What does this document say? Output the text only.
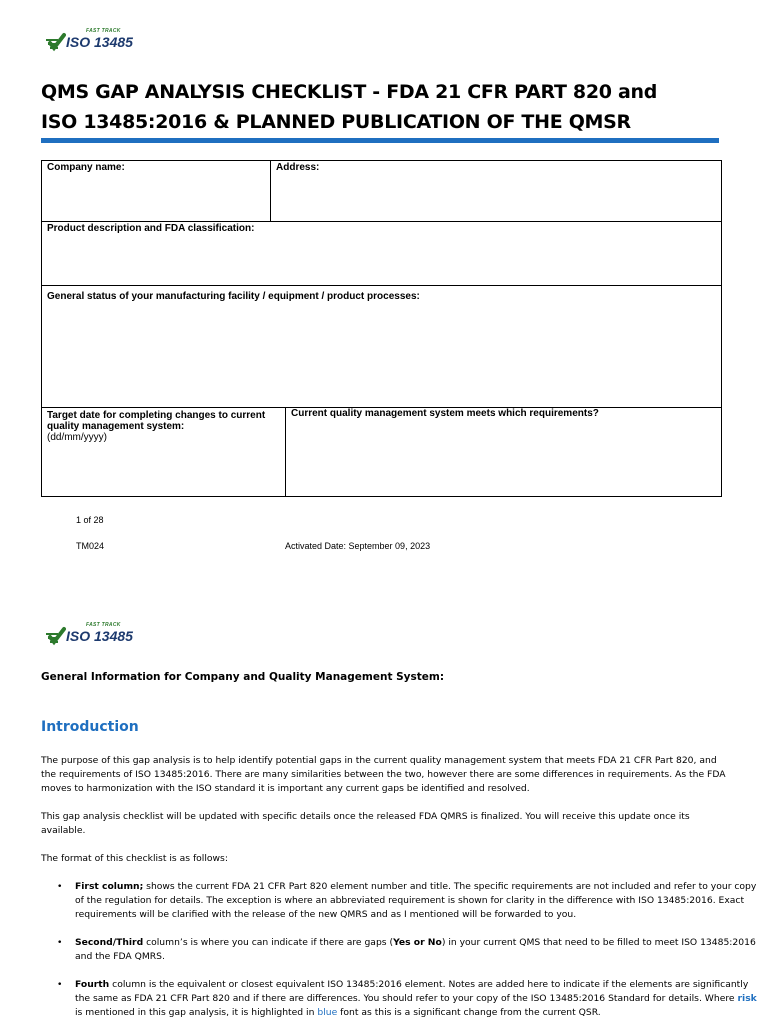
FAST TRACK
ISO 13485
QMS GAP ANALYSIS CHECKLIST - FDA 21 CFR PART 820 and
ISO 13485:2016 & PLANNED PUBLICATION OF THE QMSR
Company name:	Address:
Product description and FDA classification:
General status of your manufacturing facility / equipment / product processes:

Target date for completing changes to current quality management system:
(dd/mm/yyyy)
	Current quality management system meets which requirements?
1 of 28
TM024	Activated Date: September 09, 2023
FAST TRACK
ISO 13485
General Information for Company and Quality Management System:
Introduction
The purpose of this gap analysis is to help identify potential gaps in the current quality management system that meets FDA 21 CFR Part 820, and the requirements of ISO 13485:2016. There are many similarities between the two, however there are some differences in requirements. As the FDA moves to harmonization with the ISO standard it is important any current gaps be identified and resolved.
This gap analysis checklist will be updated with specific details once the released FDA QMRS is finalized. You will receive this update once its available.
The format of this checklist is as follows:
• First column; shows the current FDA 21 CFR Part 820 element number and title. The specific requirements are not included and refer to your copy of the regulation for details. The exception is where an abbreviated requirement is shown for clarity in the difference with ISO 13485:2016. Exact requirements will be clarified with the release of the new QMRS and as I mentioned will be forwarded to you.
• Second/Third column’s is where you can indicate if there are gaps (Yes or No) in your current QMS that need to be filled to meet ISO 13485:2016 and the FDA QMRS.
• Fourth column is the equivalent or closest equivalent ISO 13485:2016 element. Notes are added here to indicate if the elements are significantly the same as FDA 21 CFR Part 820 and if there are differences. You should refer to your copy of the ISO 13485:2016 Standard for details. Where risk is mentioned in this gap analysis, it is highlighted in blue font as this is a significant change from the current QSR.
